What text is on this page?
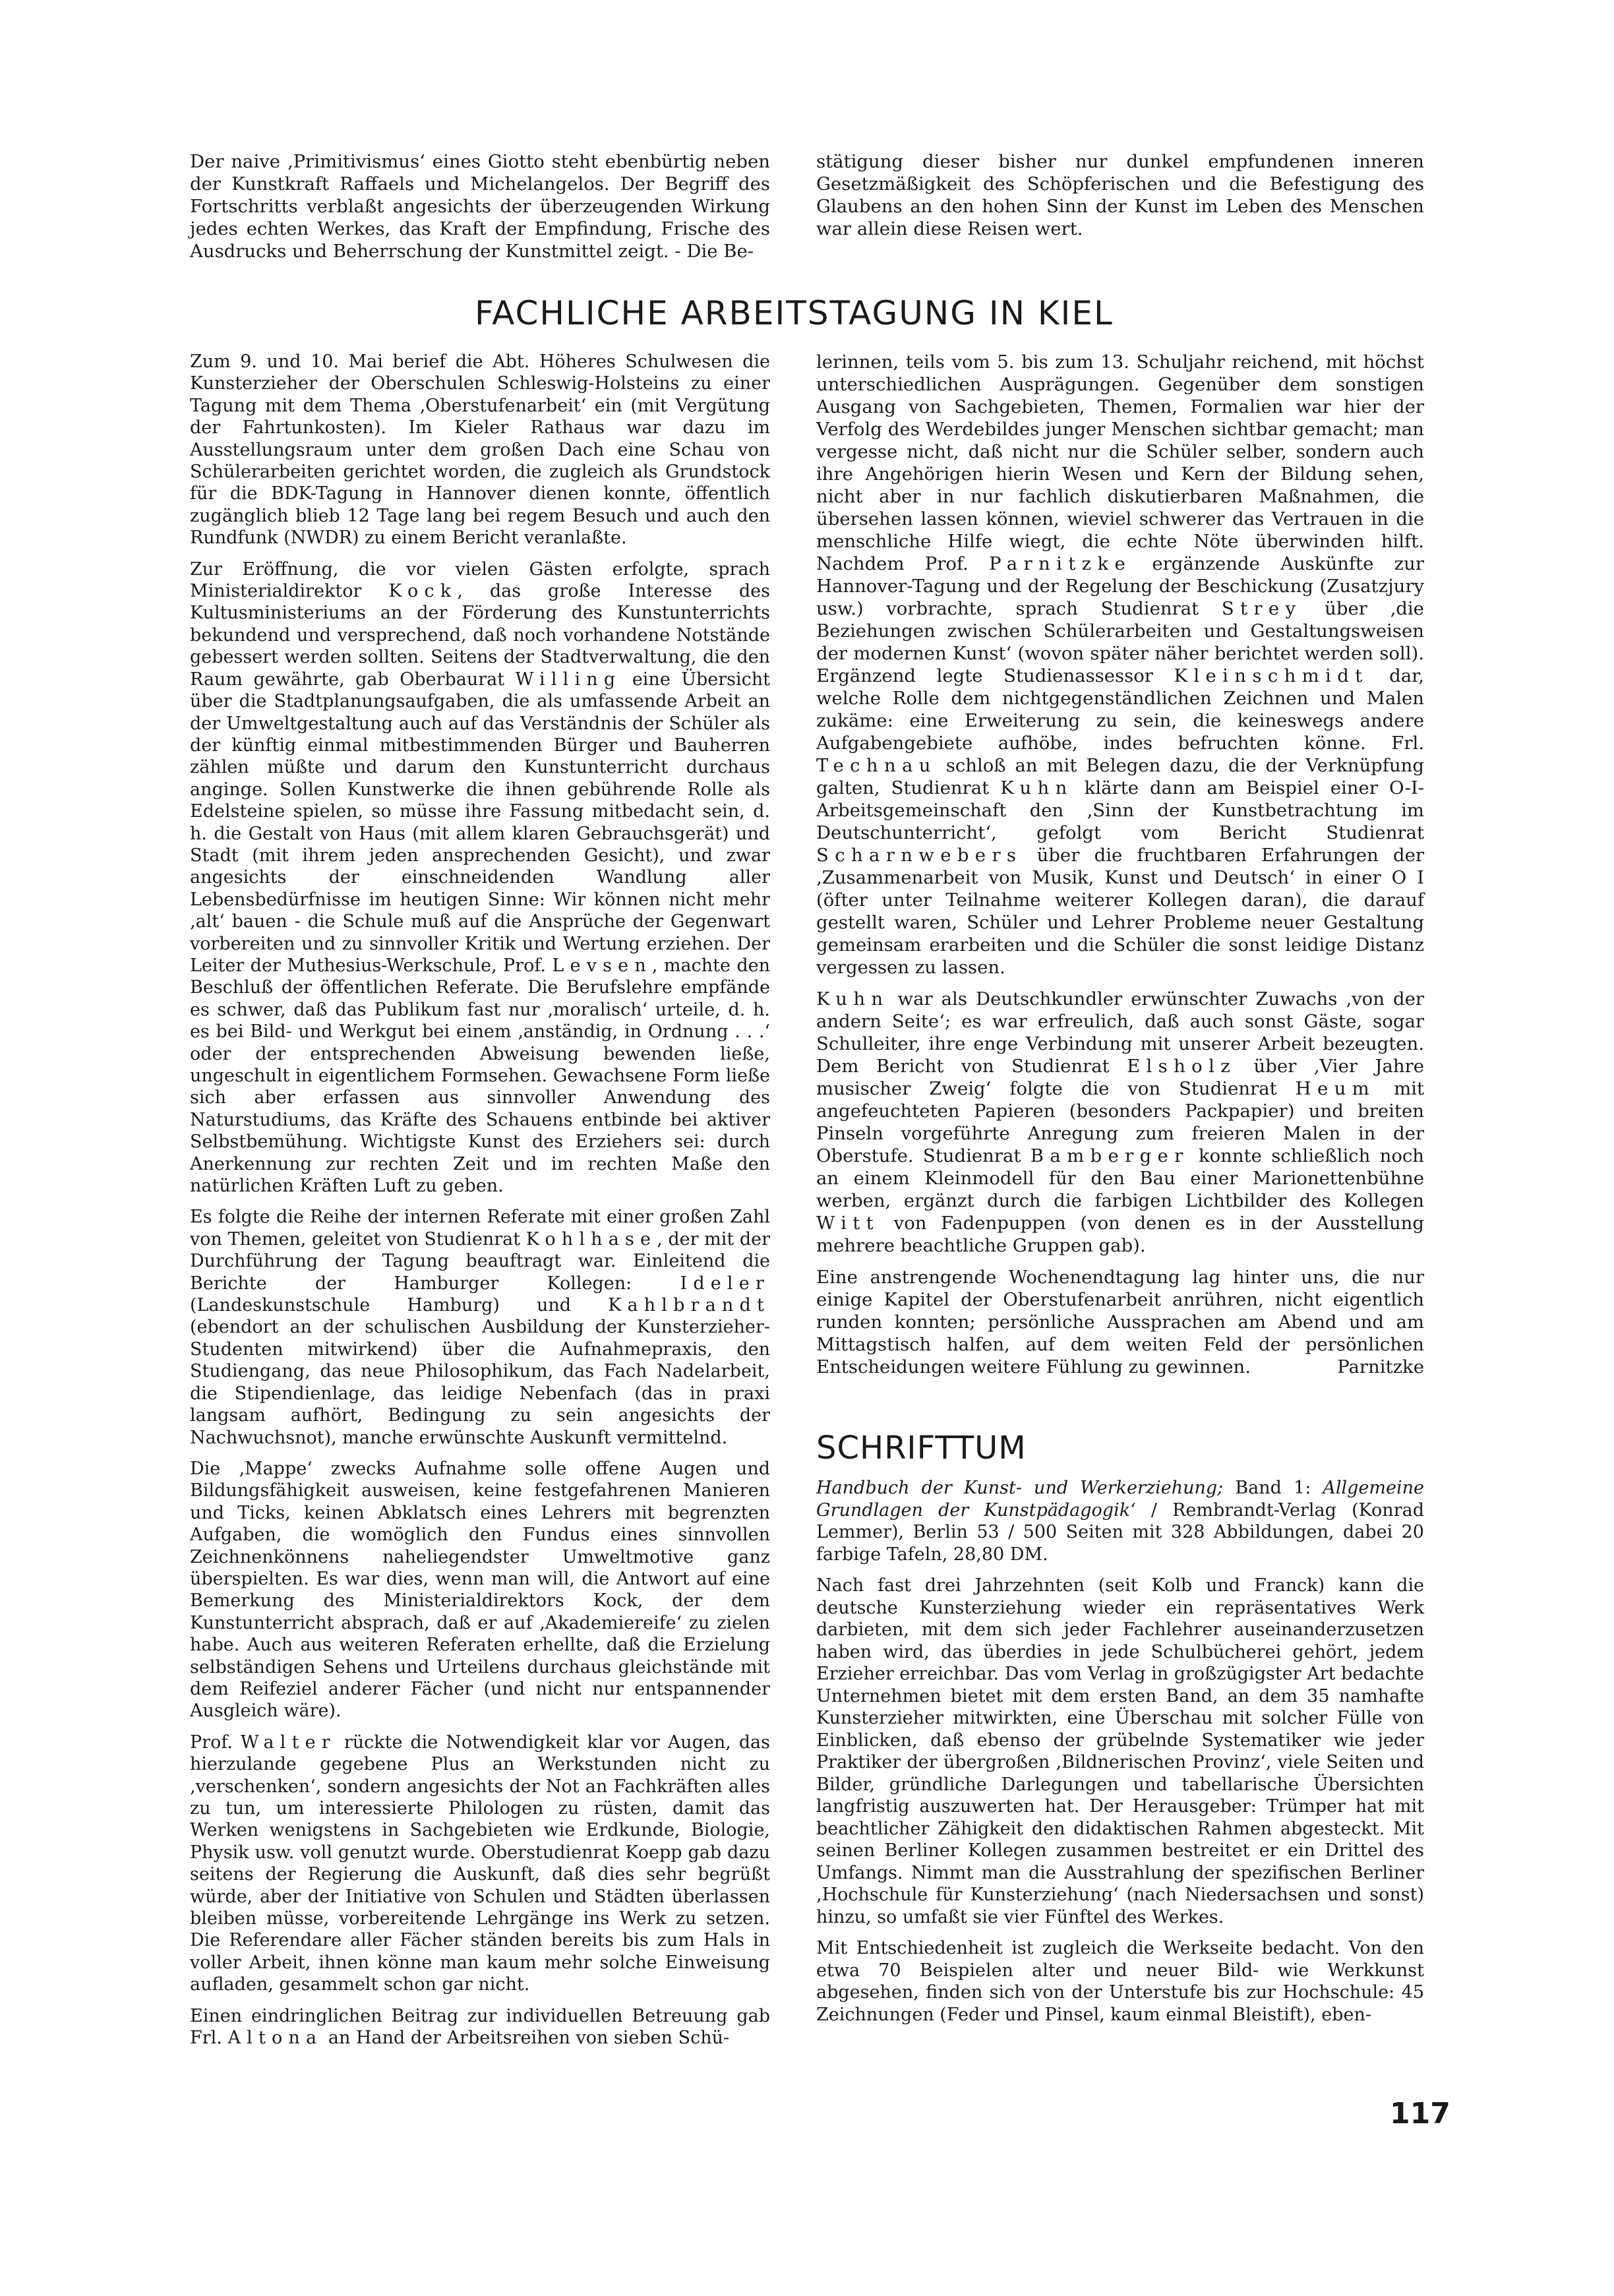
Der naive ‚Primitivismus‘ eines Giotto steht ebenbürtig neben der Kunstkraft Raffaels und Michelangelos. Der Begriff des Fortschritts verblaßt angesichts der überzeugenden Wirkung jedes echten Werkes, das Kraft der Empfindung, Frische des Ausdrucks und Beherrschung der Kunstmittel zeigt. - Die Be-

stätigung dieser bisher nur dunkel empfundenen inneren Gesetzmäßigkeit des Schöpferischen und die Befestigung des Glaubens an den hohen Sinn der Kunst im Leben des Menschen war allein diese Reisen wert.

FACHLICHE ARBEITSTAGUNG IN KIEL

Zum 9. und 10. Mai berief die Abt. Höheres Schulwesen die Kunsterzieher der Oberschulen Schleswig-Holsteins zu einer Tagung mit dem Thema ‚Oberstufenarbeit‘ ein (mit Vergütung der Fahrtunkosten). Im Kieler Rathaus war dazu im Ausstellungsraum unter dem großen Dach eine Schau von Schülerarbeiten gerichtet worden, die zugleich als Grundstock für die BDK-Tagung in Hannover dienen konnte, öffentlich zugänglich blieb 12 Tage lang bei regem Besuch und auch den Rundfunk (NWDR) zu einem Bericht veranlaßte.

Zur Eröffnung, die vor vielen Gästen erfolgte, sprach Ministerialdirektor Kock, das große Interesse des Kultusministeriums an der Förderung des Kunstunterrichts bekundend und versprechend, daß noch vorhandene Notstände gebessert werden sollten. Seitens der Stadtverwaltung, die den Raum gewährte, gab Oberbaurat Willing eine Übersicht über die Stadtplanungsaufgaben, die als umfassende Arbeit an der Umweltgestaltung auch auf das Verständnis der Schüler als der künftig einmal mitbestimmenden Bürger und Bauherren zählen müßte und darum den Kunstunterricht durchaus anginge. Sollen Kunstwerke die ihnen gebührende Rolle als Edelsteine spielen, so müsse ihre Fassung mitbedacht sein, d. h. die Gestalt von Haus (mit allem klaren Gebrauchsgerät) und Stadt (mit ihrem jeden ansprechenden Gesicht), und zwar angesichts der einschneidenden Wandlung aller Lebensbedürfnisse im heutigen Sinne: Wir können nicht mehr ‚alt‘ bauen - die Schule muß auf die Ansprüche der Gegenwart vorbereiten und zu sinnvoller Kritik und Wertung erziehen. Der Leiter der Muthesius-Werkschule, Prof. Levsen, machte den Beschluß der öffentlichen Referate. Die Berufslehre empfände es schwer, daß das Publikum fast nur ‚moralisch‘ urteile, d. h. es bei Bild- und Werkgut bei einem ‚anständig, in Ordnung . . .‘ oder der entsprechenden Abweisung bewenden ließe, ungeschult in eigentlichem Formsehen. Gewachsene Form ließe sich aber erfassen aus sinnvoller Anwendung des Naturstudiums, das Kräfte des Schauens entbinde bei aktiver Selbstbemühung. Wichtigste Kunst des Erziehers sei: durch Anerkennung zur rechten Zeit und im rechten Maße den natürlichen Kräften Luft zu geben.

Es folgte die Reihe der internen Referate mit einer großen Zahl von Themen, geleitet von Studienrat Kohlhase, der mit der Durchführung der Tagung beauftragt war. Einleitend die Berichte der Hamburger Kollegen:	Ideler (Landeskunstschule Hamburg) und Kahlbrandt (ebendort an der schulischen Ausbildung der Kunsterzieher-Studenten mitwirkend) über die Aufnahmepraxis, den Studiengang, das neue Philosophikum, das Fach Nadelarbeit, die Stipendienlage, das leidige Nebenfach (das in praxi langsam aufhört, Bedingung zu sein angesichts der Nachwuchsnot), manche erwünschte Auskunft vermittelnd.

Die ‚Mappe‘ zwecks Aufnahme solle offene Augen und Bildungsfähigkeit ausweisen, keine festgefahrenen Manieren und Ticks, keinen Abklatsch eines Lehrers mit begrenzten Aufgaben, die womöglich den Fundus eines sinnvollen Zeichnenkönnens naheliegendster Umweltmotive ganz überspielten. Es war dies, wenn man will, die Antwort auf eine Bemerkung des Ministerialdirektors Kock, der dem Kunstunterricht absprach, daß er auf ‚Akademiereife‘ zu zielen habe. Auch aus weiteren Referaten erhellte, daß die Erzielung selbständigen Sehens und Urteilens durchaus gleichstände mit dem Reifeziel anderer Fächer (und nicht nur entspannender Ausgleich wäre).

Prof. Walter rückte die Notwendigkeit klar vor Augen, das hierzulande gegebene Plus an Werkstunden nicht zu ‚verschenken‘, sondern angesichts der Not an Fachkräften alles zu tun, um interessierte Philologen zu rüsten, damit das Werken wenigstens in Sachgebieten wie Erdkunde, Biologie, Physik usw. voll genutzt wurde. Oberstudienrat Koepp gab dazu seitens der Regierung die Auskunft, daß dies sehr begrüßt würde, aber der Initiative von Schulen und Städten überlassen bleiben müsse, vorbereitende Lehrgänge ins Werk zu setzen. Die Referendare aller Fächer ständen bereits bis zum Hals in voller Arbeit, ihnen könne man kaum mehr solche Einweisung aufladen, gesammelt schon gar nicht.

Einen eindringlichen Beitrag zur individuellen Betreuung gab Frl. Altona an Hand der Arbeitsreihen von sieben Schü-

lerinnen, teils vom 5. bis zum 13. Schuljahr reichend, mit höchst unterschiedlichen Ausprägungen. Gegenüber dem sonstigen Ausgang von Sachgebieten, Themen, Formalien war hier der Verfolg des Werdebildes junger Menschen sichtbar gemacht; man vergesse nicht, daß nicht nur die Schüler selber, sondern auch ihre Angehörigen hierin Wesen und Kern der Bildung sehen, nicht aber in nur fachlich diskutierbaren Maßnahmen, die übersehen lassen können, wieviel schwerer das Vertrauen in die menschliche Hilfe wiegt, die echte Nöte überwinden hilft. Nachdem Prof. Parnitzke ergänzende Auskünfte zur Hannover-Tagung und der Regelung der Beschickung (Zusatzjury usw.) vorbrachte, sprach Studienrat Strey über ‚die Beziehungen zwischen Schülerarbeiten und Gestaltungsweisen der modernen Kunst‘ (wovon später näher berichtet werden soll). Ergänzend legte Studienassessor Kleinschmidt dar, welche Rolle dem nichtgegenständlichen Zeichnen und Malen zukäme: eine Erweiterung zu sein, die keineswegs andere Aufgabengebiete aufhöbe, indes befruchten könne. Frl. Technau schloß an mit Belegen dazu, die der Verknüpfung galten, Studienrat Kuhn klärte dann am Beispiel einer O-I-Arbeitsgemeinschaft den ‚Sinn der Kunstbetrachtung im Deutschunterricht‘, gefolgt vom Bericht Studienrat Scharnwebers über die fruchtbaren Erfahrungen der ‚Zusammenarbeit von Musik, Kunst und Deutsch‘ in einer O I (öfter unter Teilnahme weiterer Kollegen daran), die darauf gestellt waren, Schüler und Lehrer Probleme neuer Gestaltung gemeinsam erarbeiten und die Schüler die sonst leidige Distanz vergessen zu lassen.

Kuhn war als Deutschkundler erwünschter Zuwachs ‚von der andern Seite‘; es war erfreulich, daß auch sonst Gäste, sogar Schulleiter, ihre enge Verbindung mit unserer Arbeit bezeugten. Dem Bericht von Studienrat Elsholz über ‚Vier Jahre musischer Zweig‘ folgte die von Studienrat Heum mit angefeuchteten Papieren (besonders Packpapier) und breiten Pinseln vorgeführte Anregung zum freieren Malen in der Oberstufe. Studienrat Bamberger konnte schließlich noch an einem Kleinmodell für den Bau einer Marionettenbühne werben, ergänzt durch die farbigen Lichtbilder des Kollegen Witt von Fadenpuppen (von denen es in der Ausstellung mehrere beachtliche Gruppen gab).

Eine anstrengende Wochenendtagung lag hinter uns, die nur einige Kapitel der Oberstufenarbeit anrühren, nicht eigentlich runden konnten; persönliche Aussprachen am Abend und am Mittagstisch halfen, auf dem weiten Feld der persönlichen Entscheidungen weitere Fühlung zu gewinnen.	Parnitzke

SCHRIFTTUM

Handbuch der Kunst- und Werkerziehung; Band 1: Allgemeine Grundlagen der Kunstpädagogik‘ / Rembrandt-Verlag (Konrad Lemmer), Berlin 53 / 500 Seiten mit 328 Abbildungen, dabei 20 farbige Tafeln, 28,80 DM.

Nach fast drei Jahrzehnten (seit Kolb und Franck) kann die deutsche Kunsterziehung wieder ein repräsentatives Werk darbieten, mit dem sich jeder Fachlehrer auseinanderzusetzen haben wird, das überdies in jede Schulbücherei gehört, jedem Erzieher erreichbar. Das vom Verlag in großzügigster Art bedachte Unternehmen bietet mit dem ersten Band, an dem 35 namhafte Kunsterzieher mitwirkten, eine Überschau mit solcher Fülle von Einblicken, daß ebenso der grübelnde Systematiker wie jeder Praktiker der übergroßen ‚Bildnerischen Provinz‘, viele Seiten und Bilder, gründliche Darlegungen und tabellarische Übersichten langfristig auszuwerten hat. Der Herausgeber: Trümper hat mit beachtlicher Zähigkeit den didaktischen Rahmen abgesteckt. Mit seinen Berliner Kollegen zusammen bestreitet er ein Drittel des Umfangs. Nimmt man die Ausstrahlung der spezifischen Berliner ‚Hochschule für Kunsterziehung‘ (nach Niedersachsen und sonst) hinzu, so umfaßt sie vier Fünftel des Werkes.

Mit Entschiedenheit ist zugleich die Werkseite bedacht. Von den etwa 70 Beispielen alter und neuer Bild- wie Werkkunst abgesehen, finden sich von der Unterstufe bis zur Hochschule: 45 Zeichnungen (Feder und Pinsel, kaum einmal Bleistift), eben-

117
